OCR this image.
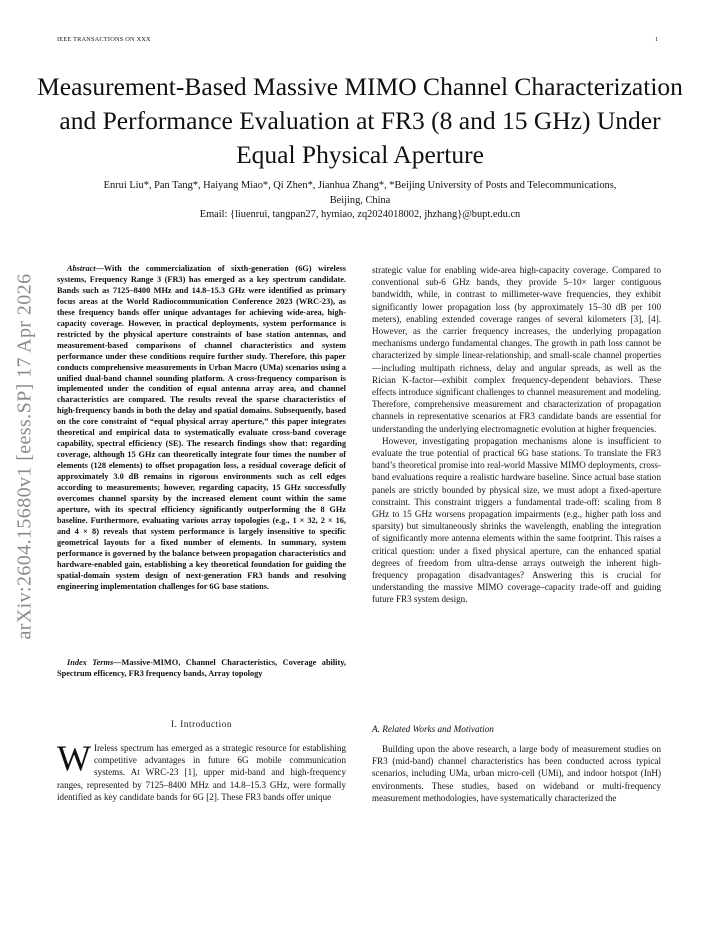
IEEE TRANSACTIONS ON XXX	1
Measurement-Based Massive MIMO Channel Characterization and Performance Evaluation at FR3 (8 and 15 GHz) Under Equal Physical Aperture
Enrui Liu*, Pan Tang*, Haiyang Miao*, Qi Zhen*, Jianhua Zhang*, *Beijing University of Posts and Telecommunications, Beijing, China
Email: {liuenrui, tangpan27, hymiao, zq2024018002, jhzhang}@bupt.edu.cn
arXiv:2604.15680v1 [eess.SP] 17 Apr 2026
Abstract—With the commercialization of sixth-generation (6G) wireless systems, Frequency Range 3 (FR3) has emerged as a key spectrum candidate. Bands such as 7125–8400 MHz and 14.8–15.3 GHz were identified as primary focus areas at the World Radiocommunication Conference 2023 (WRC-23), as these frequency bands offer unique advantages for achieving wide-area, high-capacity coverage. However, in practical deployments, system performance is restricted by the physical aperture constraints of base station antennas, and measurement-based comparisons of channel characteristics and system performance under these conditions require further study. Therefore, this paper conducts comprehensive measurements in Urban Macro (UMa) scenarios using a unified dual-band channel sounding platform. A cross-frequency comparison is implemented under the condition of equal antenna array area, and channel characteristics are compared. The results reveal the sparse characteristics of high-frequency bands in both the delay and spatial domains. Subsequently, based on the core constraint of “equal physical array aperture,” this paper integrates theoretical and empirical data to systematically evaluate cross-band coverage capability, spectral efficiency (SE). The research findings show that: regarding coverage, although 15 GHz can theoretically integrate four times the number of elements (128 elements) to offset propagation loss, a residual coverage deficit of approximately 3.0 dB remains in rigorous environments such as cell edges according to measurements; however, regarding capacity, 15 GHz successfully overcomes channel sparsity by the increased element count within the same aperture, with its spectral efficiency significantly outperforming the 8 GHz baseline. Furthermore, evaluating various array topologies (e.g., 1 × 32, 2 × 16, and 4 × 8) reveals that system performance is largely insensitive to specific geometrical layouts for a fixed number of elements. In summary, system performance is governed by the balance between propagation characteristics and hardware-enabled gain, establishing a key theoretical foundation for guiding the spatial-domain system design of next-generation FR3 bands and resolving engineering implementation challenges for 6G base stations.
Index Terms—Massive-MIMO, Channel Characteristics, Coverage ability, Spectrum efficency, FR3 frequency bands, Array topology
I. Introduction
W Ireless spectrum has emerged as a strategic resource for establishing competitive advantages in future 6G mobile communication systems. At WRC-23 [1], upper mid-band and high-frequency ranges, represented by 7125–8400 MHz and 14.8–15.3 GHz, were formally identified as key candidate bands for 6G [2]. These FR3 bands offer unique

strategic value for enabling wide-area high-capacity coverage. Compared to conventional sub-6 GHz bands, they provide 5–10× larger contiguous bandwidth, while, in contrast to millimeter-wave frequencies, they exhibit significantly lower propagation loss (by approximately 15–30 dB per 100 meters), enabling extended coverage ranges of several kilometers [3], [4]. However, as the carrier frequency increases, the underlying propagation mechanisms undergo fundamental changes. The growth in path loss cannot be characterized by simple linear-relationship, and small-scale channel properties—including multipath richness, delay and angular spreads, as well as the Rician K-factor—exhibit complex frequency-dependent behaviors. These effects introduce significant challenges to channel measurement and modeling. Therefore, comprehensive measurement and characterization of propagation channels in representative scenarios at FR3 candidate bands are essential for understanding the underlying electromagnetic evolution at higher frequencies.

However, investigating propagation mechanisms alone is insufficient to evaluate the true potential of practical 6G base stations. To translate the FR3 band’s theoretical promise into real-world Massive MIMO deployments, cross-band evaluations require a realistic hardware baseline. Since actual base station panels are strictly bounded by physical size, we must adopt a fixed-aperture constraint. This constraint triggers a fundamental trade-off: scaling from 8 GHz to 15 GHz worsens propagation impairments (e.g., higher path loss and sparsity) but simultaneously shrinks the wavelength, enabling the integration of significantly more antenna elements within the same footprint. This raises a critical question: under a fixed physical aperture, can the enhanced spatial degrees of freedom from ultra-dense arrays outweigh the inherent high-frequency propagation disadvantages? Answering this is crucial for understanding the massive MIMO coverage–capacity trade-off and guiding future FR3 system design.

A. Related Works and Motivation

Building upon the above research, a large body of measurement studies on FR3 (mid-band) channel characteristics has been conducted across typical scenarios, including UMa, urban micro-cell (UMi), and indoor hotspot (InH) environments. These studies, based on wideband or multi-frequency measurement methodologies, have systematically characterized the
